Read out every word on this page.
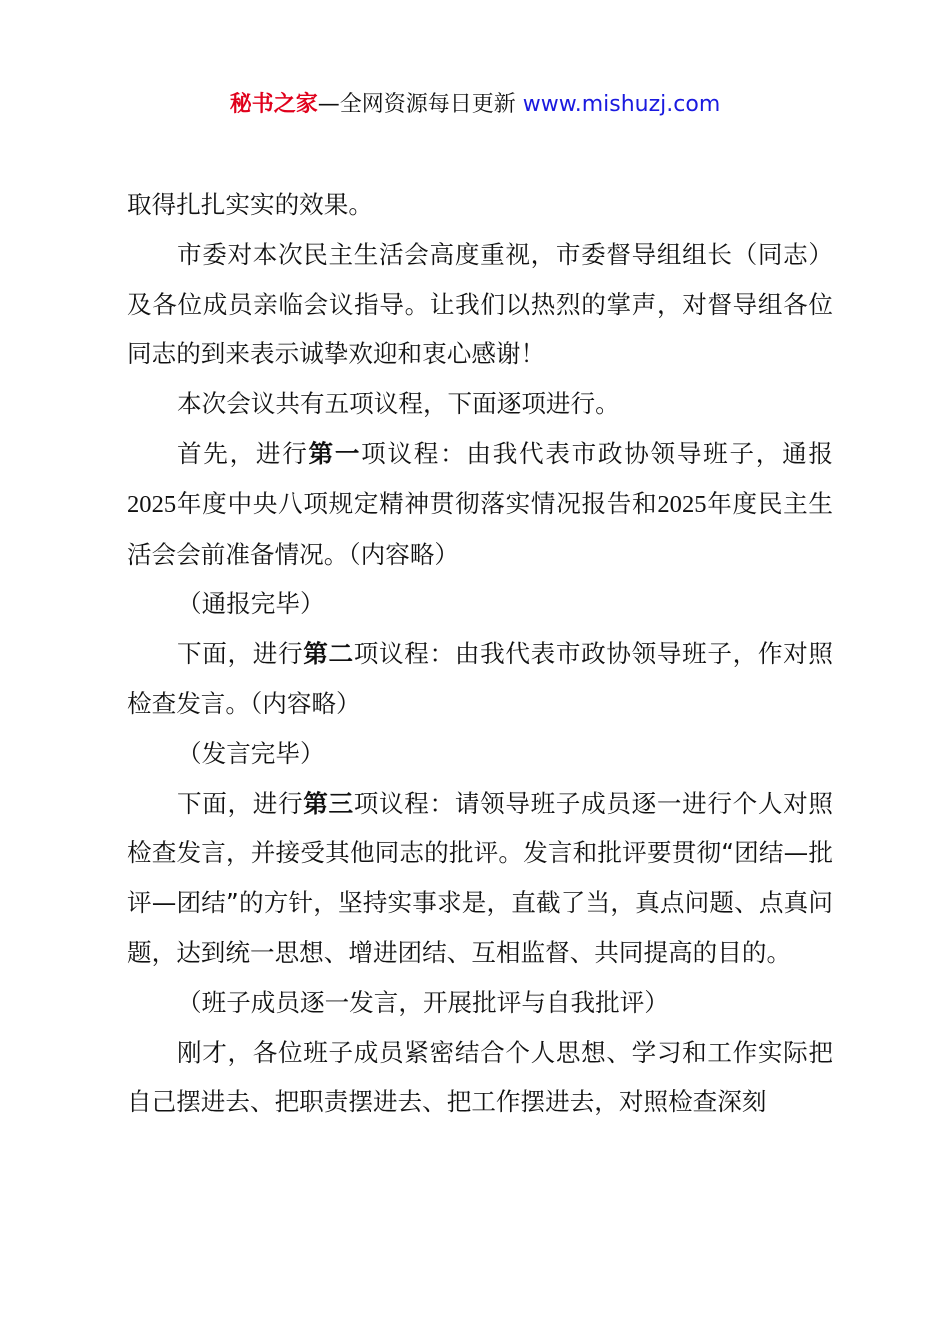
秘书之家—全网资源每日更新 www.mishuzj.com

取得扎扎实实的效果。

市委对本次民主生活会高度重视，市委督导组组长（同志）及各位成员亲临会议指导。让我们以热烈的掌声，对督导组各位同志的到来表示诚挚欢迎和衷心感谢！

本次会议共有五项议程，下面逐项进行。

首先，进行第一项议程：由我代表市政协领导班子，通报2025年度中央八项规定精神贯彻落实情况报告和2025年度民主生活会会前准备情况。（内容略）

（通报完毕）

下面，进行第二项议程：由我代表市政协领导班子，作对照检查发言。（内容略）

（发言完毕）

下面，进行第三项议程：请领导班子成员逐一进行个人对照检查发言，并接受其他同志的批评。发言和批评要贯彻“团结—批评—团结”的方针，坚持实事求是，直截了当，真点问题、点真问题，达到统一思想、增进团结、互相监督、共同提高的目的。

（班子成员逐一发言，开展批评与自我批评）

刚才，各位班子成员紧密结合个人思想、学习和工作实际把自己摆进去、把职责摆进去、把工作摆进去，对照检查深刻
